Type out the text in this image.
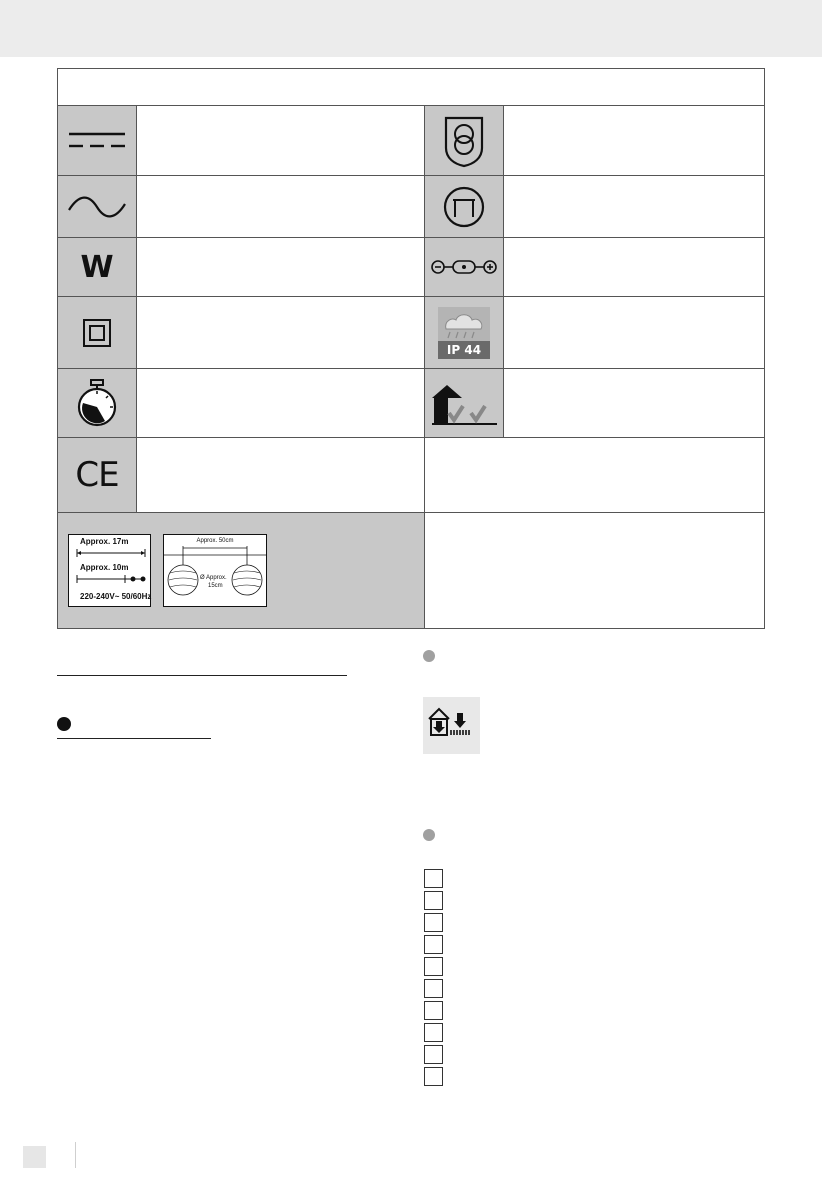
W
IP 44
CE
Approx. 17m
Approx. 10m
220-240V~ 50/60Hz
Approx. 50cm
Ø Approx.
15cm
